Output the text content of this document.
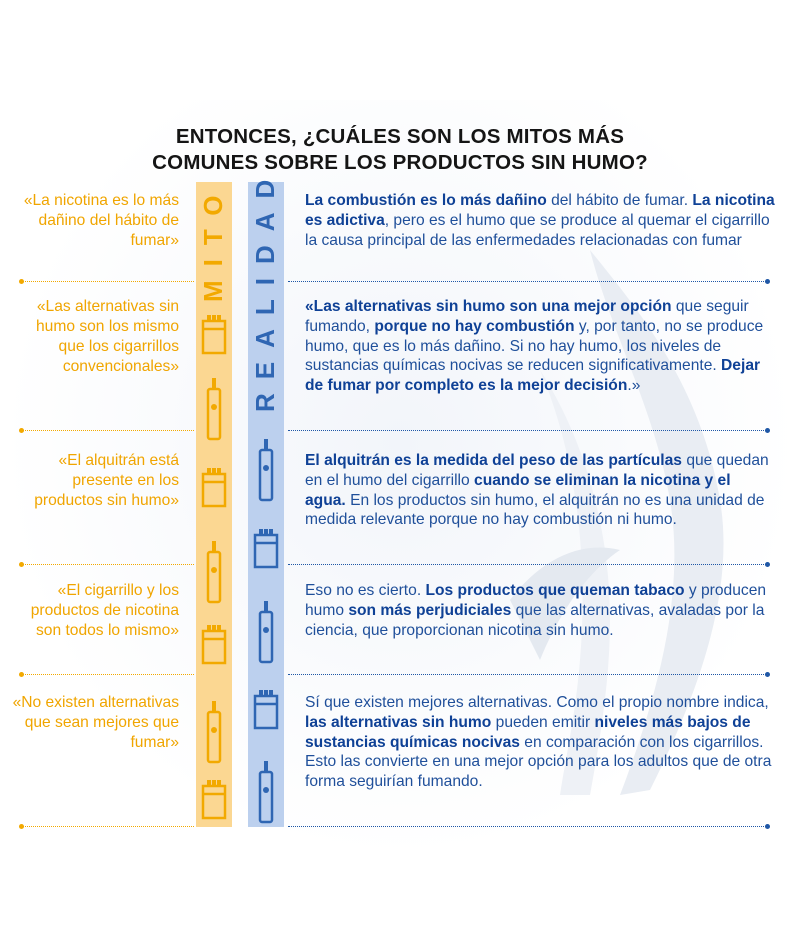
ENTONCES, ¿CUÁLES SON LOS MITOS MÁS
COMUNES SOBRE LOS PRODUCTOS SIN HUMO?
MITO REALIDAD
«La nicotina es lo más dañino del hábito de fumar»
«Las alternativas sin humo son los mismo que los cigarrillos convencionales»
«El alquitrán está presente en los productos sin humo»
«El cigarrillo y los productos de nicotina son todos lo mismo»
«No existen alternativas que sean mejores que fumar»
La combustión es lo más dañino del hábito de fumar. La nicotina es adictiva, pero es el humo que se produce al quemar el cigarrillo la causa principal de las enfermedades relacionadas con fumar
«Las alternativas sin humo son una mejor opción que seguir fumando, porque no hay combustión y, por tanto, no se produce humo, que es lo más dañino. Si no hay humo, los niveles de sustancias químicas nocivas se reducen significativamente. Dejar de fumar por completo es la mejor decisión.»
El alquitrán es la medida del peso de las partículas que quedan en el humo del cigarrillo cuando se eliminan la nicotina y el agua. En los productos sin humo, el alquitrán no es una unidad de medida relevante porque no hay combustión ni humo.
Eso no es cierto. Los productos que queman tabaco y producen humo son más perjudiciales que las alternativas, avaladas por la ciencia, que proporcionan nicotina sin humo.
Sí que existen mejores alternativas. Como el propio nombre indica, las alternativas sin humo pueden emitir niveles más bajos de sustancias químicas nocivas en comparación con los cigarrillos. Esto las convierte en una mejor opción para los adultos que de otra forma seguirían fumando.
